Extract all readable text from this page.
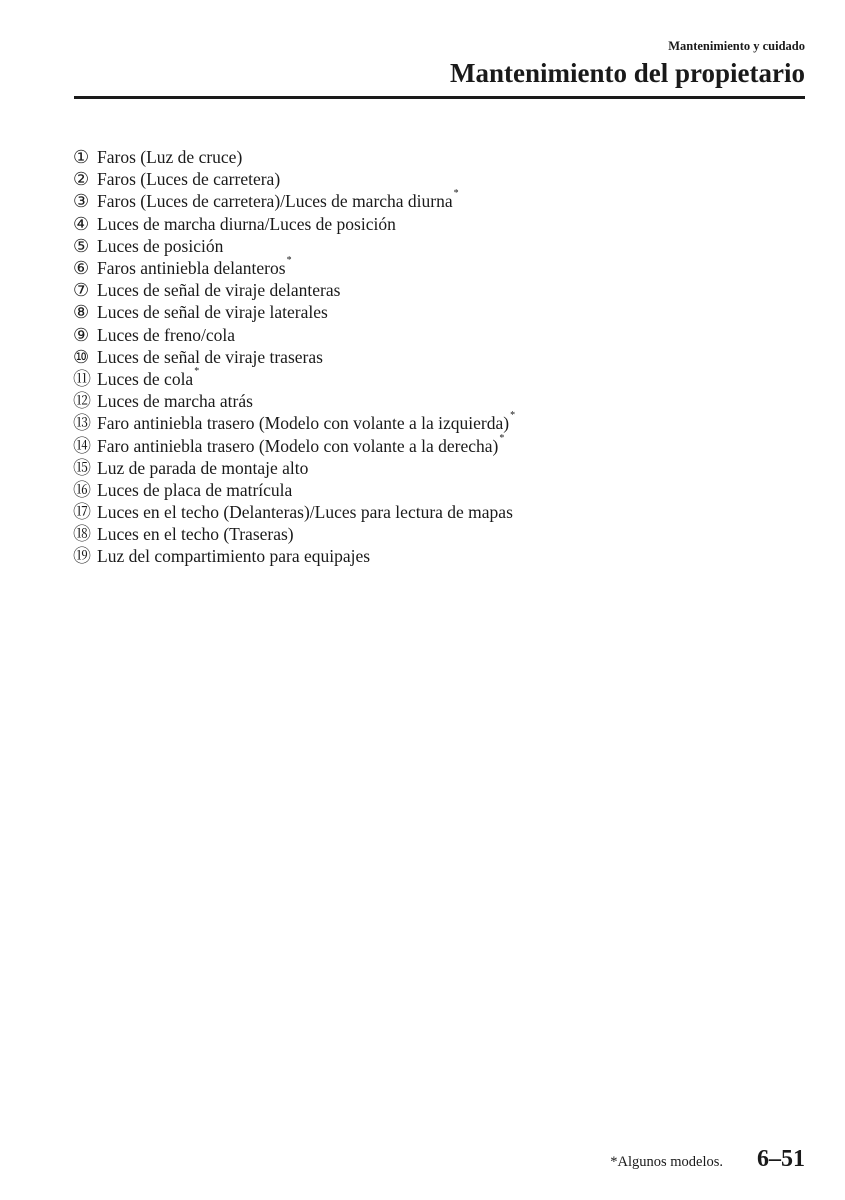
Mantenimiento y cuidado
Mantenimiento del propietario
① Faros (Luz de cruce)
② Faros (Luces de carretera)
③ Faros (Luces de carretera)/Luces de marcha diurna *
④ Luces de marcha diurna/Luces de posición
⑤ Luces de posición
⑥ Faros antiniebla delanteros *
⑦ Luces de señal de viraje delanteras
⑧ Luces de señal de viraje laterales
⑨ Luces de freno/cola
⑩ Luces de señal de viraje traseras
⑪ Luces de cola *
⑫ Luces de marcha atrás
⑬ Faro antiniebla trasero (Modelo con volante a la izquierda) *
⑭ Faro antiniebla trasero (Modelo con volante a la derecha) *
⑮ Luz de parada de montaje alto
⑯ Luces de placa de matrícula
⑰ Luces en el techo (Delanteras)/Luces para lectura de mapas
⑱ Luces en el techo (Traseras)
⑲ Luz del compartimiento para equipajes
*Algunos modelos. 6–51
